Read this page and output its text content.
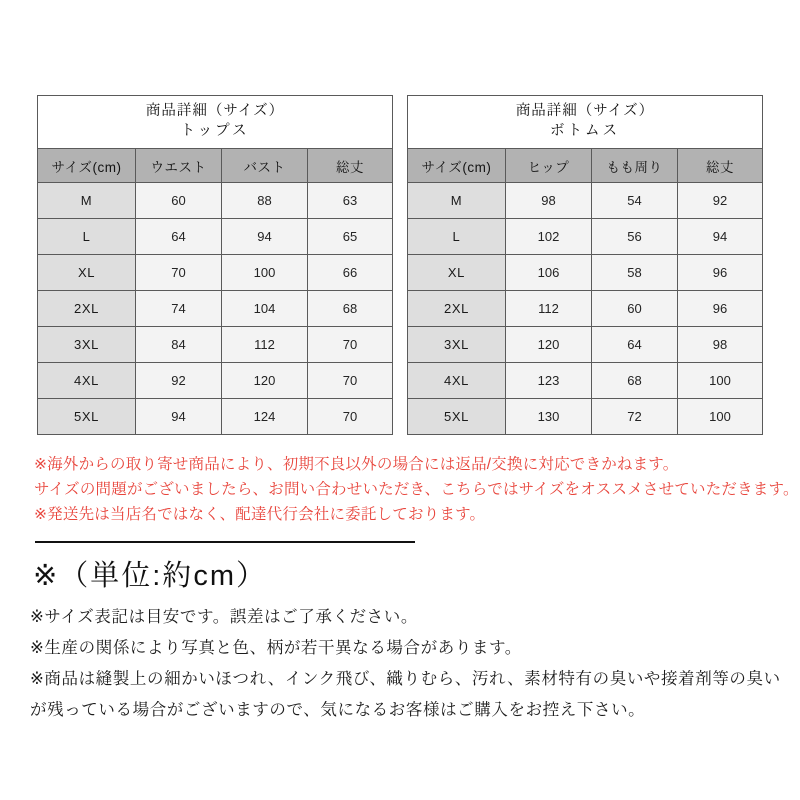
商品詳細（サイズ）
トップス			

サイズ(cm)	ウエスト	バスト	総丈
M	60	88	63
L	64	94	65
XL	70	100	66
2XL	74	104	68
3XL	84	112	70
4XL	92	120	70
5XL	94	124	70
商品詳細（サイズ）
ボトムス			

サイズ(cm)	ヒップ	もも周り	総丈
M	98	54	92
L	102	56	94
XL	106	58	96
2XL	112	60	96
3XL	120	64	98
4XL	123	68	100
5XL	130	72	100

※海外からの取り寄せ商品により、初期不良以外の場合には返品/交換に対応できかねます。

サイズの問題がございましたら、お問い合わせいただき、こちらではサイズをオススメさせていただきます。

※発送先は当店名ではなく、配達代行会社に委託しております。

※（単位:約cm）

※サイズ表記は目安です。誤差はご了承ください。

※生産の関係により写真と色、柄が若干異なる場合があります。

※商品は縫製上の細かいほつれ、インク飛び、織りむら、汚れ、素材特有の臭いや接着剤等の臭いが残っている場合がございますので、気になるお客様はご購入をお控え下さい。
